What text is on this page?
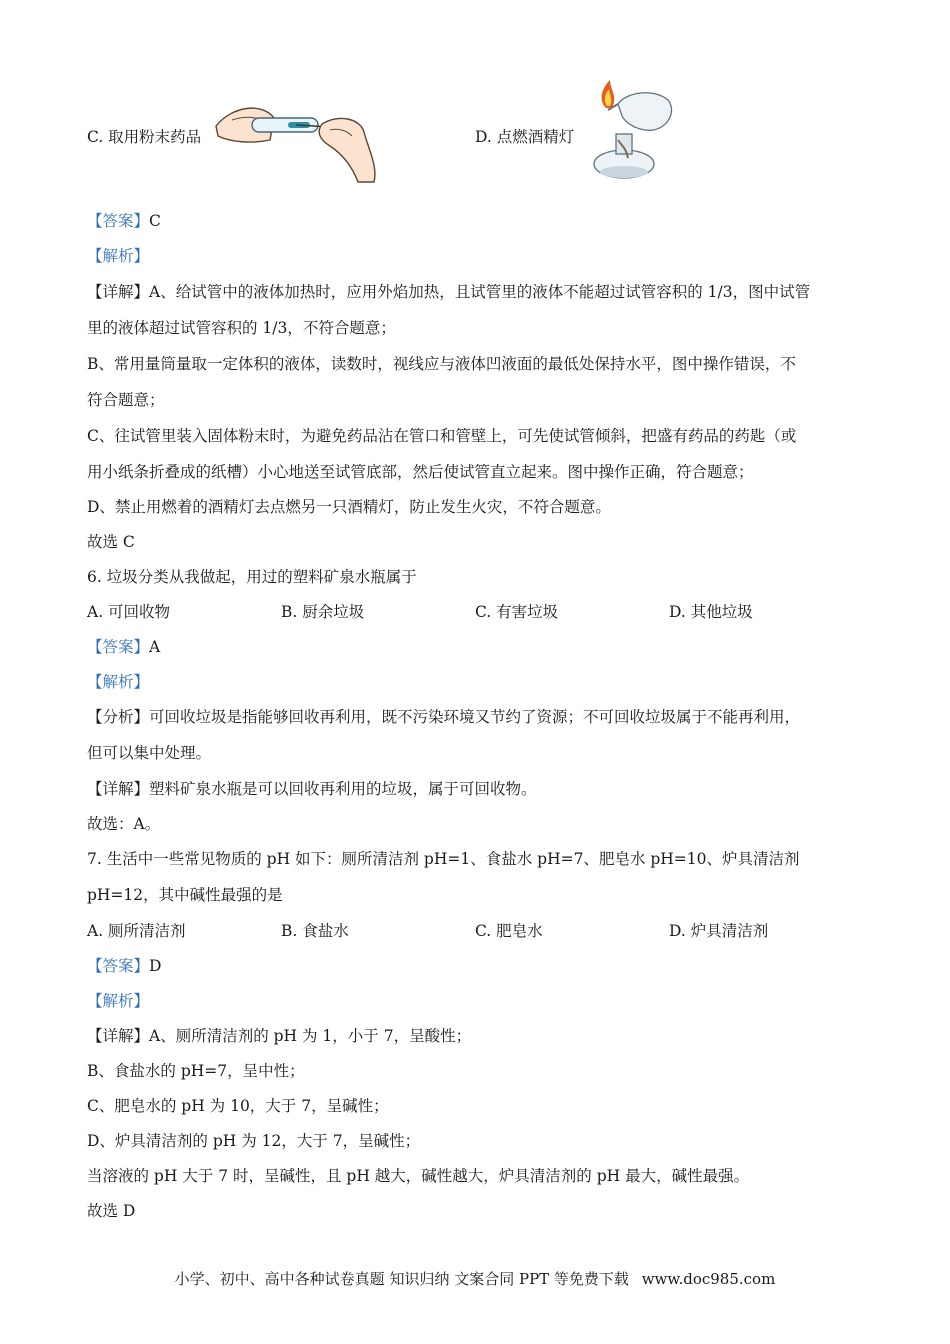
C. 取用粉末药品	D. 点燃酒精灯
【答案】C
【解析】
【详解】A、给试管中的液体加热时，应用外焰加热，且试管里的液体不能超过试管容积的 1/3，图中试管
里的液体超过试管容积的 1/3，不符合题意；
B、常用量筒量取一定体积的液体，读数时，视线应与液体凹液面的最低处保持水平，图中操作错误，不
符合题意；
C、往试管里装入固体粉末时，为避免药品沾在管口和管壁上，可先使试管倾斜，把盛有药品的药匙（或
用小纸条折叠成的纸槽）小心地送至试管底部，然后使试管直立起来。图中操作正确，符合题意；
D、禁止用燃着的酒精灯去点燃另一只酒精灯，防止发生火灾，不符合题意。
故选 C
6. 垃圾分类从我做起，用过的塑料矿泉水瓶属于
A. 可回收物	B. 厨余垃圾	C. 有害垃圾	D. 其他垃圾
【答案】A
【解析】
【分析】可回收垃圾是指能够回收再利用，既不污染环境又节约了资源；不可回收垃圾属于不能再利用，
但可以集中处理。
【详解】塑料矿泉水瓶是可以回收再利用的垃圾，属于可回收物。
故选：A。
7. 生活中一些常见物质的 pH 如下：厕所清洁剂 pH=1、食盐水 pH=7、肥皂水 pH=10、炉具清洁剂
pH=12，其中碱性最强的是
A. 厕所清洁剂	B. 食盐水	C. 肥皂水	D. 炉具清洁剂
【答案】D
【解析】
【详解】A、厕所清洁剂的 pH 为 1，小于 7，呈酸性；
B、食盐水的 pH=7，呈中性；
C、肥皂水的 pH 为 10，大于 7，呈碱性；
D、炉具清洁剂的 pH 为 12，大于 7，呈碱性；
当溶液的 pH 大于 7 时，呈碱性，且 pH 越大，碱性越大，炉具清洁剂的 pH 最大，碱性最强。
故选 D
小学、初中、高中各种试卷真题 知识归纳 文案合同 PPT 等免费下载 www.doc985.com
